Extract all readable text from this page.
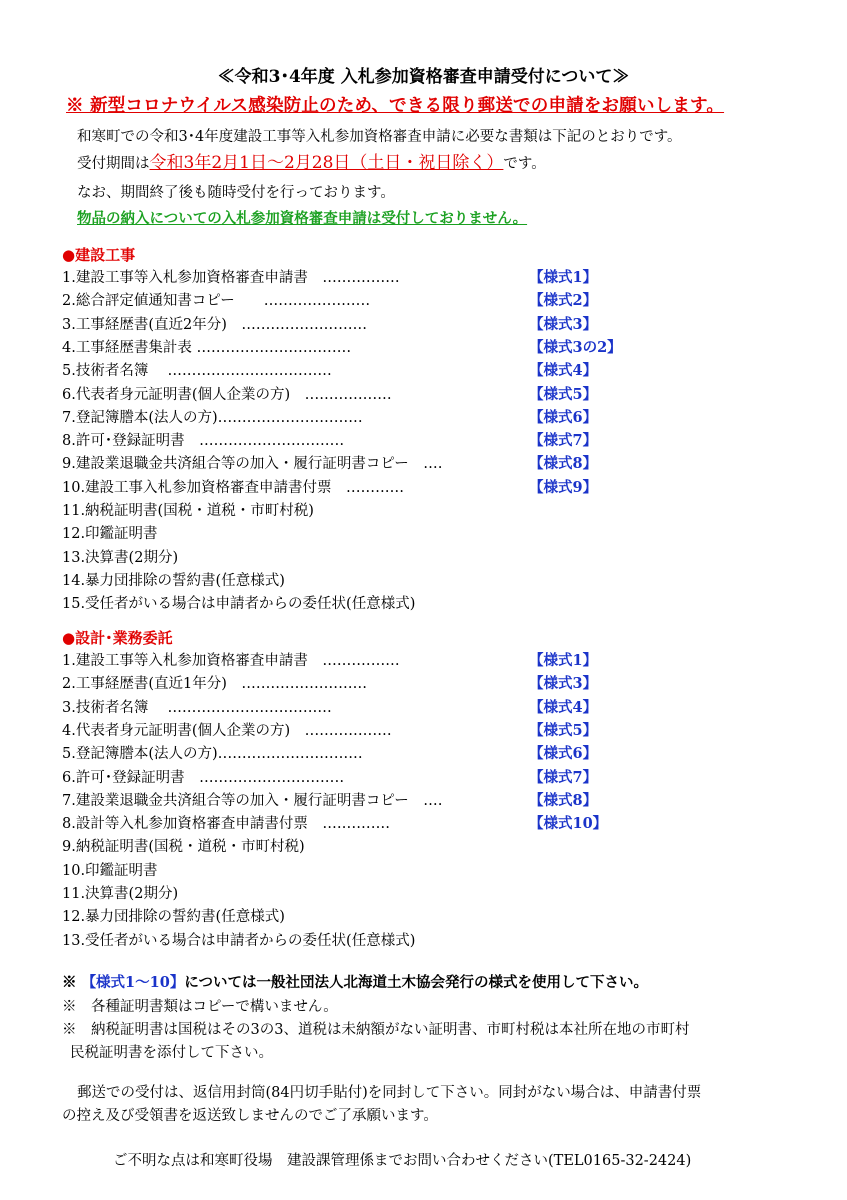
≪令和3･4年度 入札参加資格審査申請受付について≫
※ 新型コロナウイルス感染防止のため、できる限り郵送での申請をお願いします。
和寒町での令和3･4年度建設工事等入札参加資格審査申請に必要な書類は下記のとおりです。
受付期間は令和3年2月1日～2月28日（土日・祝日除く）です。
なお、期間終了後も随時受付を行っております。
物品の納入についての入札参加資格審査申請は受付しておりません。
●建設工事
1.建設工事等入札参加資格審査申請書　‥‥‥‥‥‥‥‥	【様式1】
2.総合評定値通知書コピー　　‥‥‥‥‥‥‥‥‥‥‥	【様式2】
3.工事経歴書(直近2年分)　‥‥‥‥‥‥‥‥‥‥‥‥‥	【様式3】
4.工事経歴書集計表 ‥‥‥‥‥‥‥‥‥‥‥‥‥‥‥‥	【様式3の2】
5.技術者名簿　 ‥‥‥‥‥‥‥‥‥‥‥‥‥‥‥‥‥	【様式4】
6.代表者身元証明書(個人企業の方)　‥‥‥‥‥‥‥‥‥	【様式5】
7.登記簿謄本(法人の方)‥‥‥‥‥‥‥‥‥‥‥‥‥‥‥	【様式6】
8.許可･登録証明書　‥‥‥‥‥‥‥‥‥‥‥‥‥‥‥	【様式7】
9.建設業退職金共済組合等の加入・履行証明書コピー　‥‥	【様式8】
10.建設工事入札参加資格審査申請書付票　‥‥‥‥‥‥	【様式9】
11.納税証明書(国税・道税・市町村税)
12.印鑑証明書
13.決算書(2期分)
14.暴力団排除の誓約書(任意様式)
15.受任者がいる場合は申請者からの委任状(任意様式)
●設計･業務委託
1.建設工事等入札参加資格審査申請書　‥‥‥‥‥‥‥‥	【様式1】
2.工事経歴書(直近1年分)　‥‥‥‥‥‥‥‥‥‥‥‥‥	【様式3】
3.技術者名簿　 ‥‥‥‥‥‥‥‥‥‥‥‥‥‥‥‥‥	【様式4】
4.代表者身元証明書(個人企業の方)　‥‥‥‥‥‥‥‥‥	【様式5】
5.登記簿謄本(法人の方)‥‥‥‥‥‥‥‥‥‥‥‥‥‥‥	【様式6】
6.許可･登録証明書　‥‥‥‥‥‥‥‥‥‥‥‥‥‥‥	【様式7】
7.建設業退職金共済組合等の加入・履行証明書コピー　‥‥	【様式8】
8.設計等入札参加資格審査申請書付票　‥‥‥‥‥‥‥	【様式10】
9.納税証明書(国税・道税・市町村税)
10.印鑑証明書
11.決算書(2期分)
12.暴力団排除の誓約書(任意様式)
13.受任者がいる場合は申請者からの委任状(任意様式)
※ 【様式1～10】については一般社団法人北海道土木協会発行の様式を使用して下さい。
※　各種証明書類はコピーで構いません。
※　納税証明書は国税はその3の3、道税は未納額がない証明書、市町村税は本社所在地の市町村
民税証明書を添付して下さい。
郵送での受付は、返信用封筒(84円切手貼付)を同封して下さい。同封がない場合は、申請書付票
の控え及び受領書を返送致しませんのでご了承願います。
ご不明な点は和寒町役場　建設課管理係までお問い合わせください(TEL0165-32-2424)
